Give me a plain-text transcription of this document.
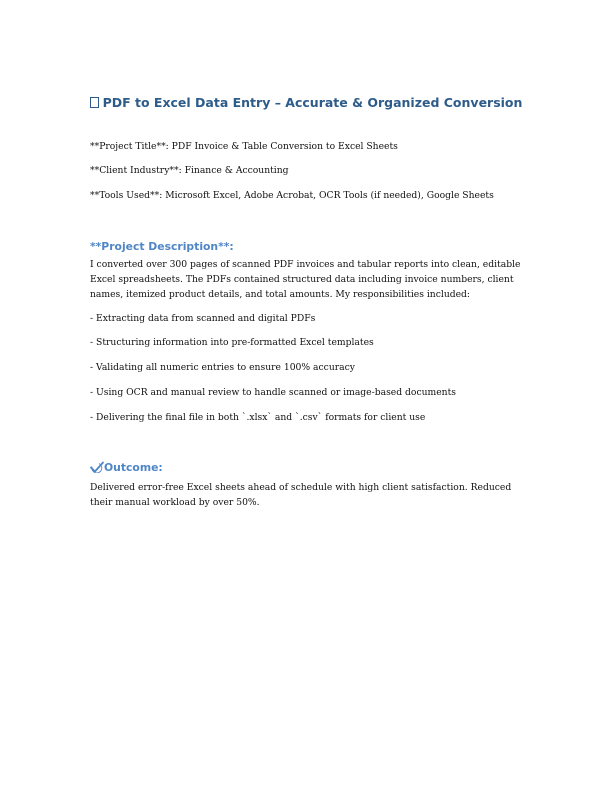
PDF to Excel Data Entry – Accurate & Organized Conversion
**Project Title**: PDF Invoice & Table Conversion to Excel Sheets
**Client Industry**: Finance & Accounting
**Tools Used**: Microsoft Excel, Adobe Acrobat, OCR Tools (if needed), Google Sheets
**Project Description**:
I converted over 300 pages of scanned PDF invoices and tabular reports into clean, editable Excel spreadsheets. The PDFs contained structured data including invoice numbers, client names, itemized product details, and total amounts. My responsibilities included:
- Extracting data from scanned and digital PDFs
- Structuring information into pre-formatted Excel templates
- Validating all numeric entries to ensure 100% accuracy
- Using OCR and manual review to handle scanned or image-based documents
- Delivering the final file in both `.xlsx` and `.csv` formats for client use
Outcome:
Delivered error-free Excel sheets ahead of schedule with high client satisfaction. Reduced their manual workload by over 50%.
